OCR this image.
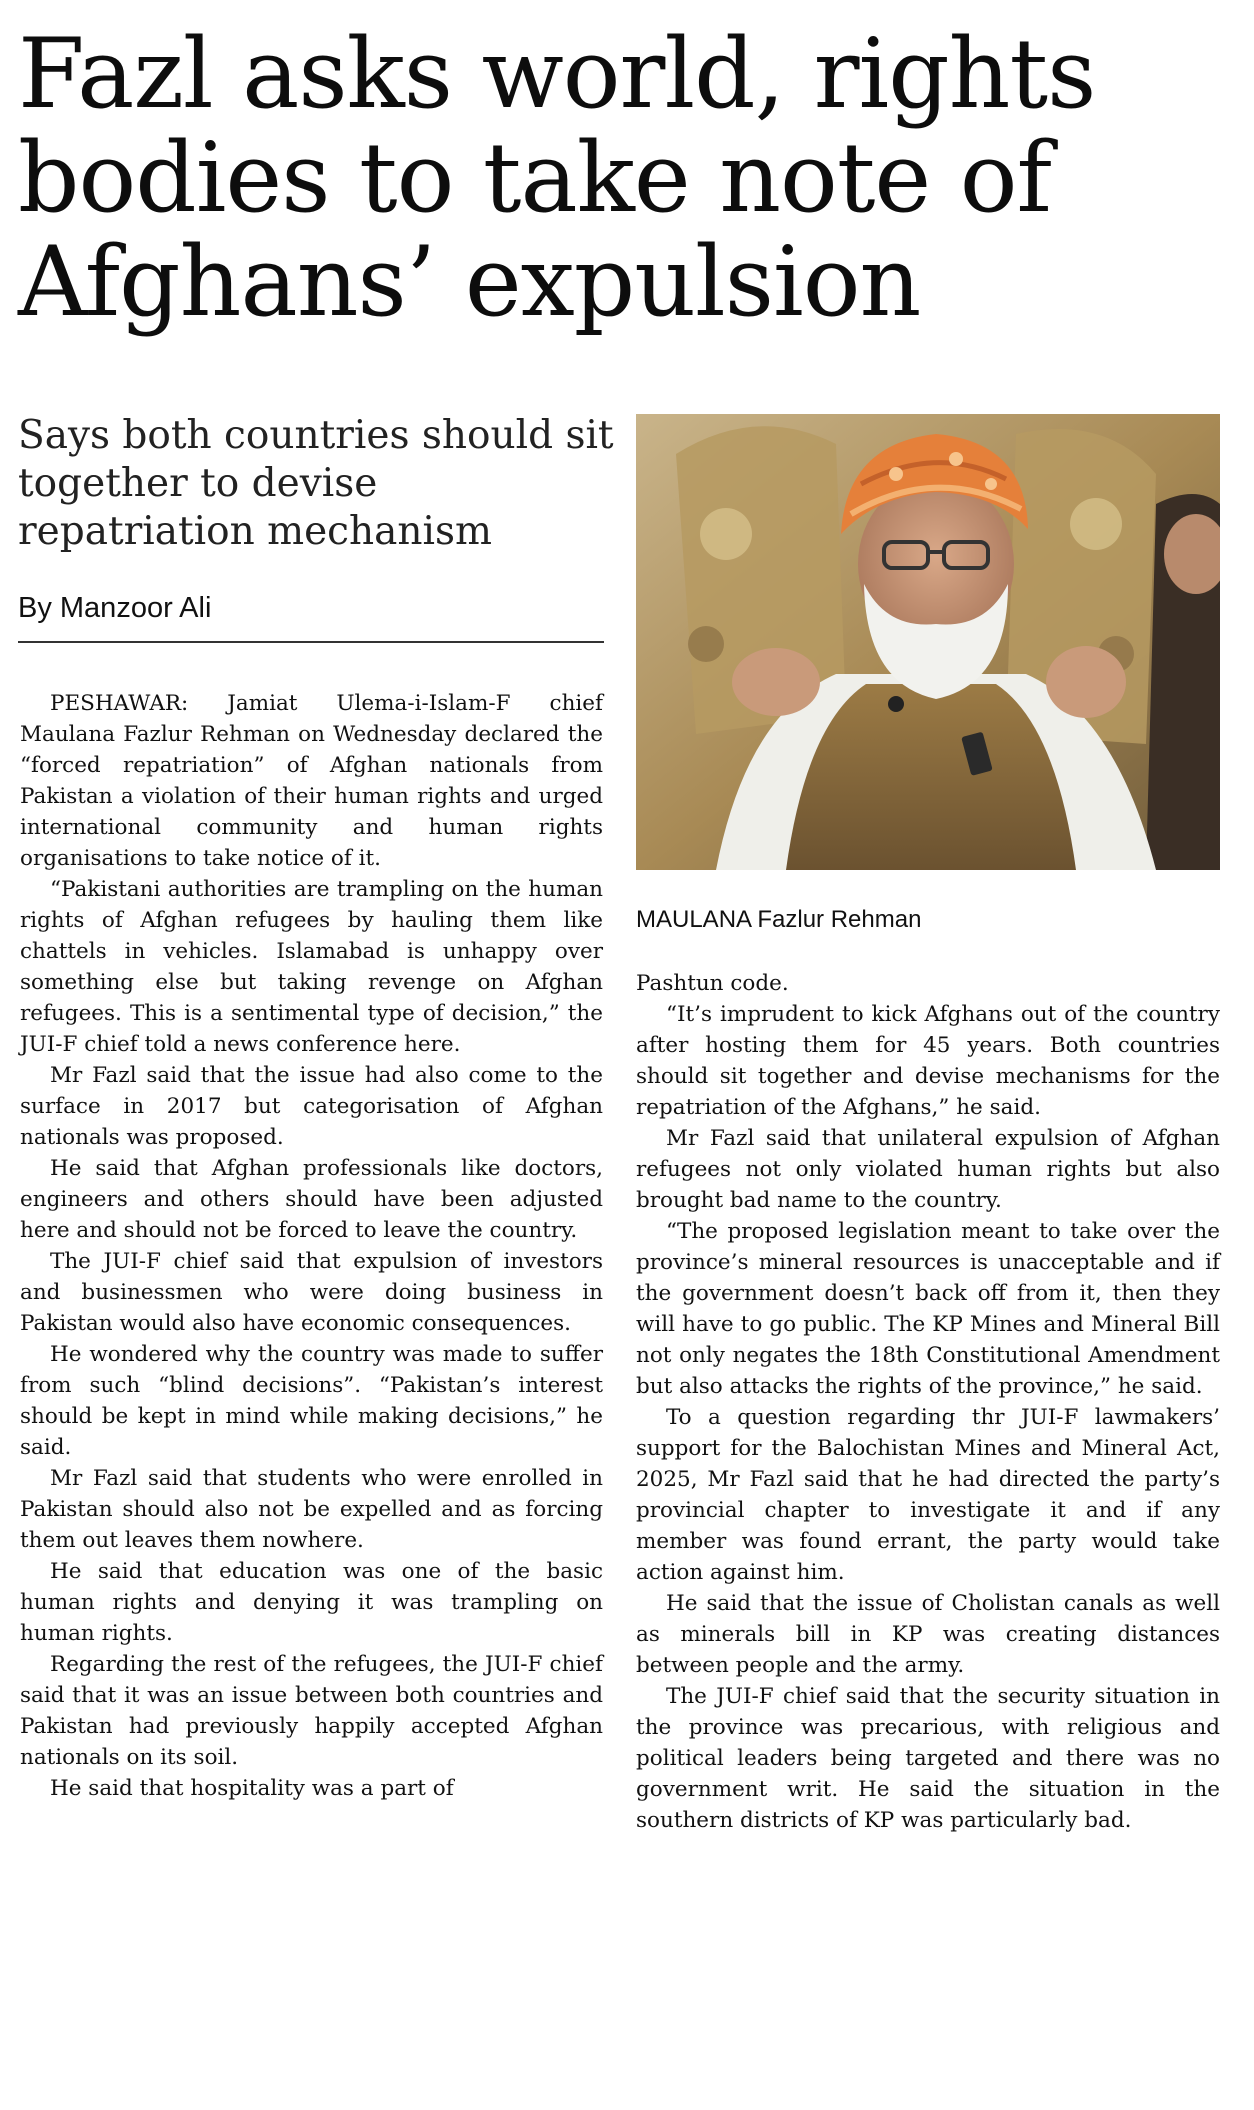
Fazl asks world, rights bodies to take note of Afghans’ expulsion
Says both countries should sit together to devise repatriation mechanism
By Manzoor Ali
MAULANA Fazlur Rehman

PESHAWAR: Jamiat Ulema-i-Islam-F chief Maulana Fazlur Rehman on Wednesday declared the “forced repatriation” of Afghan nationals from Pakistan a violation of their human rights and urged international community and human rights organisations to take notice of it.

“Pakistani authorities are trampling on the human rights of Afghan refugees by hauling them like chattels in vehicles. Islamabad is unhappy over something else but taking revenge on Afghan refugees. This is a sentimental type of decision,” the JUI-F chief told a news conference here.

Mr Fazl said that the issue had also come to the surface in 2017 but categorisation of Afghan nationals was proposed.

He said that Afghan professionals like doctors, engineers and others should have been adjusted here and should not be forced to leave the country.

The JUI-F chief said that expulsion of investors and businessmen who were doing business in Pakistan would also have economic consequences.

He wondered why the country was made to suffer from such “blind decisions”. “Pakistan’s interest should be kept in mind while making decisions,” he said.

Mr Fazl said that students who were enrolled in Pakistan should also not be expelled and as forcing them out leaves them nowhere.

He said that education was one of the basic human rights and denying it was trampling on human rights.

Regarding the rest of the refugees, the JUI-F chief said that it was an issue between both countries and Pakistan had previously happily accepted Afghan nationals on its soil.

He said that hospitality was a part of

Pashtun code.

“It’s imprudent to kick Afghans out of the country after hosting them for 45 years. Both countries should sit together and devise mechanisms for the repatriation of the Afghans,” he said.

Mr Fazl said that unilateral expulsion of Afghan refugees not only violated human rights but also brought bad name to the country.

“The proposed legislation meant to take over the province’s mineral resources is unacceptable and if the government doesn’t back off from it, then they will have to go public. The KP Mines and Mineral Bill not only negates the 18th Constitutional Amendment but also attacks the rights of the province,” he said.

To a question regarding thr JUI-F lawmakers’ support for the Balochistan Mines and Mineral Act, 2025, Mr Fazl said that he had directed the party’s provincial chapter to investigate it and if any member was found errant, the party would take action against him.

He said that the issue of Cholistan canals as well as minerals bill in KP was creating distances between people and the army.

The JUI-F chief said that the security situation in the province was precarious, with religious and political leaders being targeted and there was no government writ. He said the situation in the southern districts of KP was particularly bad.
